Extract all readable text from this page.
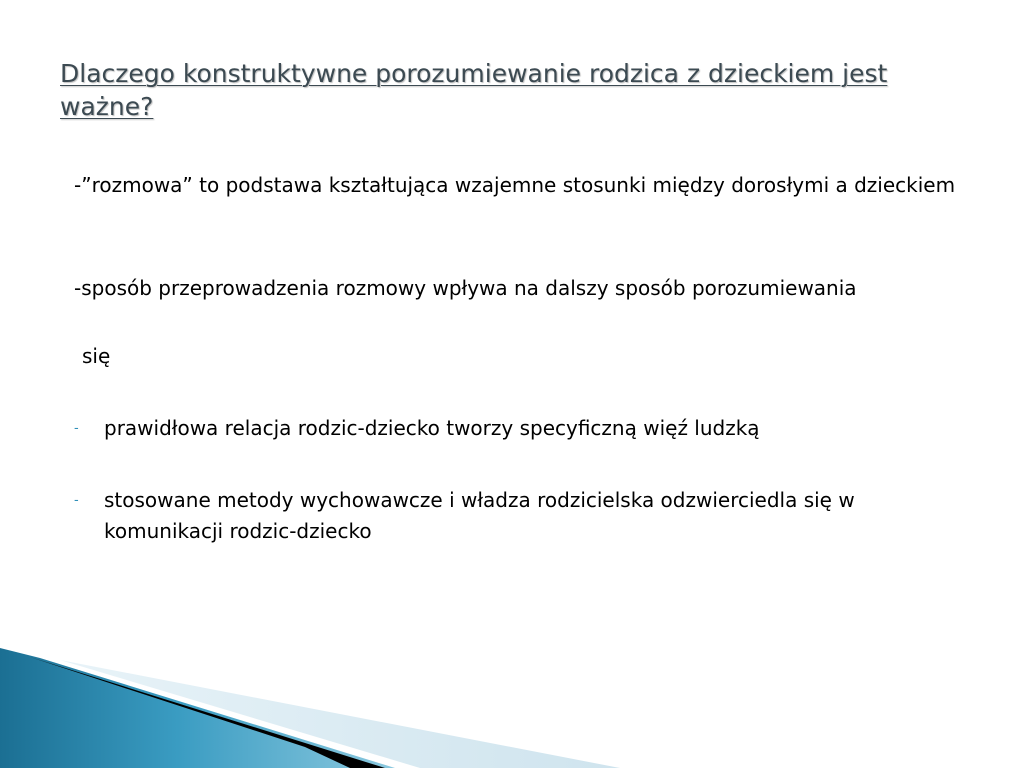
Dlaczego konstruktywne porozumiewanie rodzica z dzieckiem jest ważne?

-”rozmowa” to podstawa kształtująca wzajemne stosunki między dorosłymi a dzieckiem

-sposób przeprowadzenia rozmowy wpływa na dalszy sposób porozumiewania

się

- prawidłowa relacja rodzic-dziecko tworzy specyficzną więź ludzką

- stosowane metody wychowawcze i władza rodzicielska odzwierciedla się w komunikacji rodzic-dziecko
